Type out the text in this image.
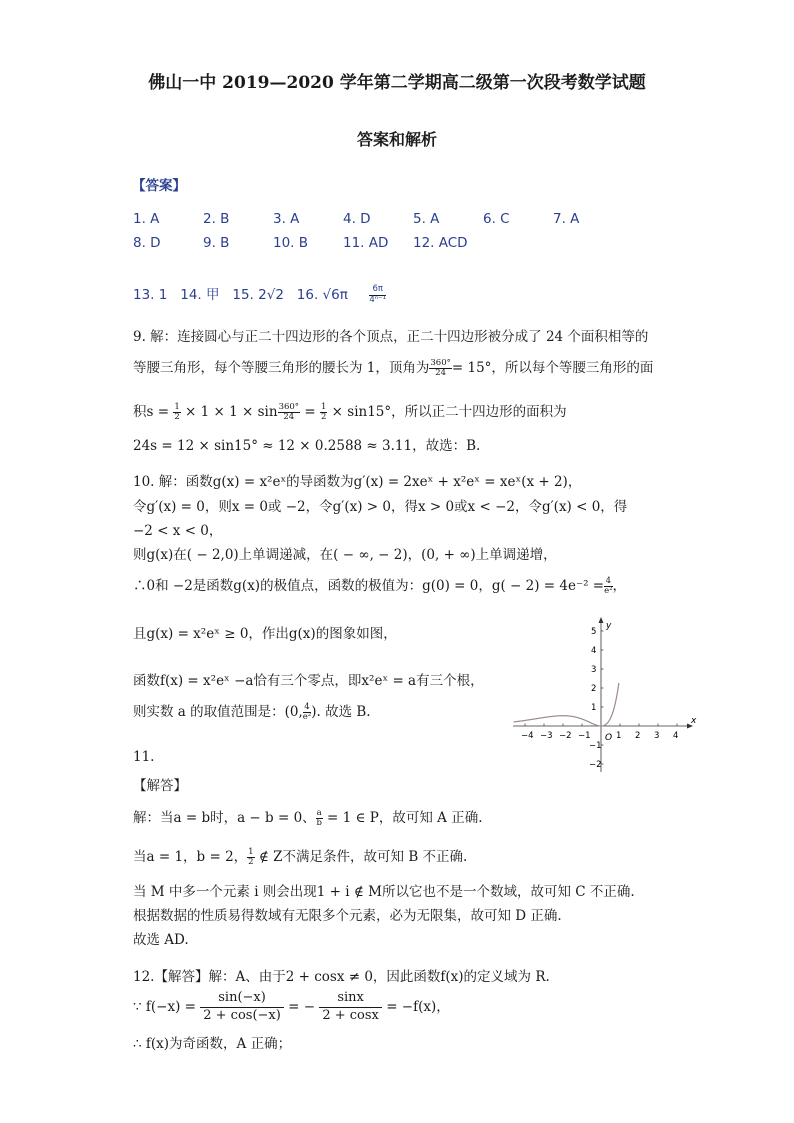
佛山一中 2019—2020 学年第二学期高二级第一次段考数学试题
答案和解析
【答案】
1. A	2. B	3. A	4. D	5. A	6. C	7. A
8. D	9. B	10. B	11. AD 12. ACD
13. 1 14. 甲 15. 2√2 16. √6π	$\frac{6\pi}{\text{4ⁿ⁻¹}}$
9. 解：连接圆心与正二十四边形的各个顶点，正二十四边形被分成了 24 个面积相等的
等腰三角形，每个等腰三角形的腰长为 1，顶角为 $\frac{360^\circ}{24} = 15^\circ$，所以每个等腰三角形的面
积$s = \frac{1}{2} \times 1 \times 1 \times \sin \frac{360^\circ}{24} = \frac{1}{2} \times \sin 15^\circ$，所以正二十四边形的面积为
24s = 12 × sin15° ≈ 12 × 0.2588 ≈ 3.11，故选：B.
10. 解：函数g(x) = x²eˣ的导函数为g′(x) = 2xeˣ + x²eˣ = xeˣ(x + 2)，
令g′(x) = 0，则x = 0或 −2，令g′(x) > 0，得x > 0或x < −2，令g′(x) < 0，得
−2 < x < 0，
则g(x)在( − 2,0)上单调递减，在( − ∞, − 2)，(0, + ∞)上单调递增，
∴0和 −2是函数g(x)的极值点，函数的极值为：g(0) = 0，$g( - 2) = 4e^{-2} = \frac{4}{\text{e²}}$ ，
且g(x) = x²eˣ ≥ 0，作出g(x)的图象如图，
函数f(x) = x²eˣ −a恰有三个零点，即x²eˣ = a有三个根，
则实数 a 的取值范围是：(0, $\frac{4}{\text{e²}}$ ). 故选 B.
−4 −3 −2 −1	1 2 3 4
5
4
3
2
1
−1
−2
x
y
O
11.
【解答】
解：当a = b时，a − b = 0、 $\frac{a}{b} = 1$ ∈ P，故可知 A 正确.
当a = 1，b = 2， $\frac{1}{2}$ ∉ Z不满足条件，故可知 B 不正确.
当 M 中多一个元素 i 则会出现1 + i ∉ M所以它也不是一个数域，故可知 C 不正确.
根据数据的性质易得数域有无限多个元素，必为无限集，故可知 D 正确.
故选 AD.
12.【解答】解：A、由于2 + cosx ≠ 0，因此函数f(x)的定义域为 R.
∵ $f(-x) = \frac{\sin(-x)}{2 + \cos(-x)}$ = − $\frac{\sin x}{2 + \cos x} = -f(x)$，
∴ f(x)为奇函数，A 正确；
